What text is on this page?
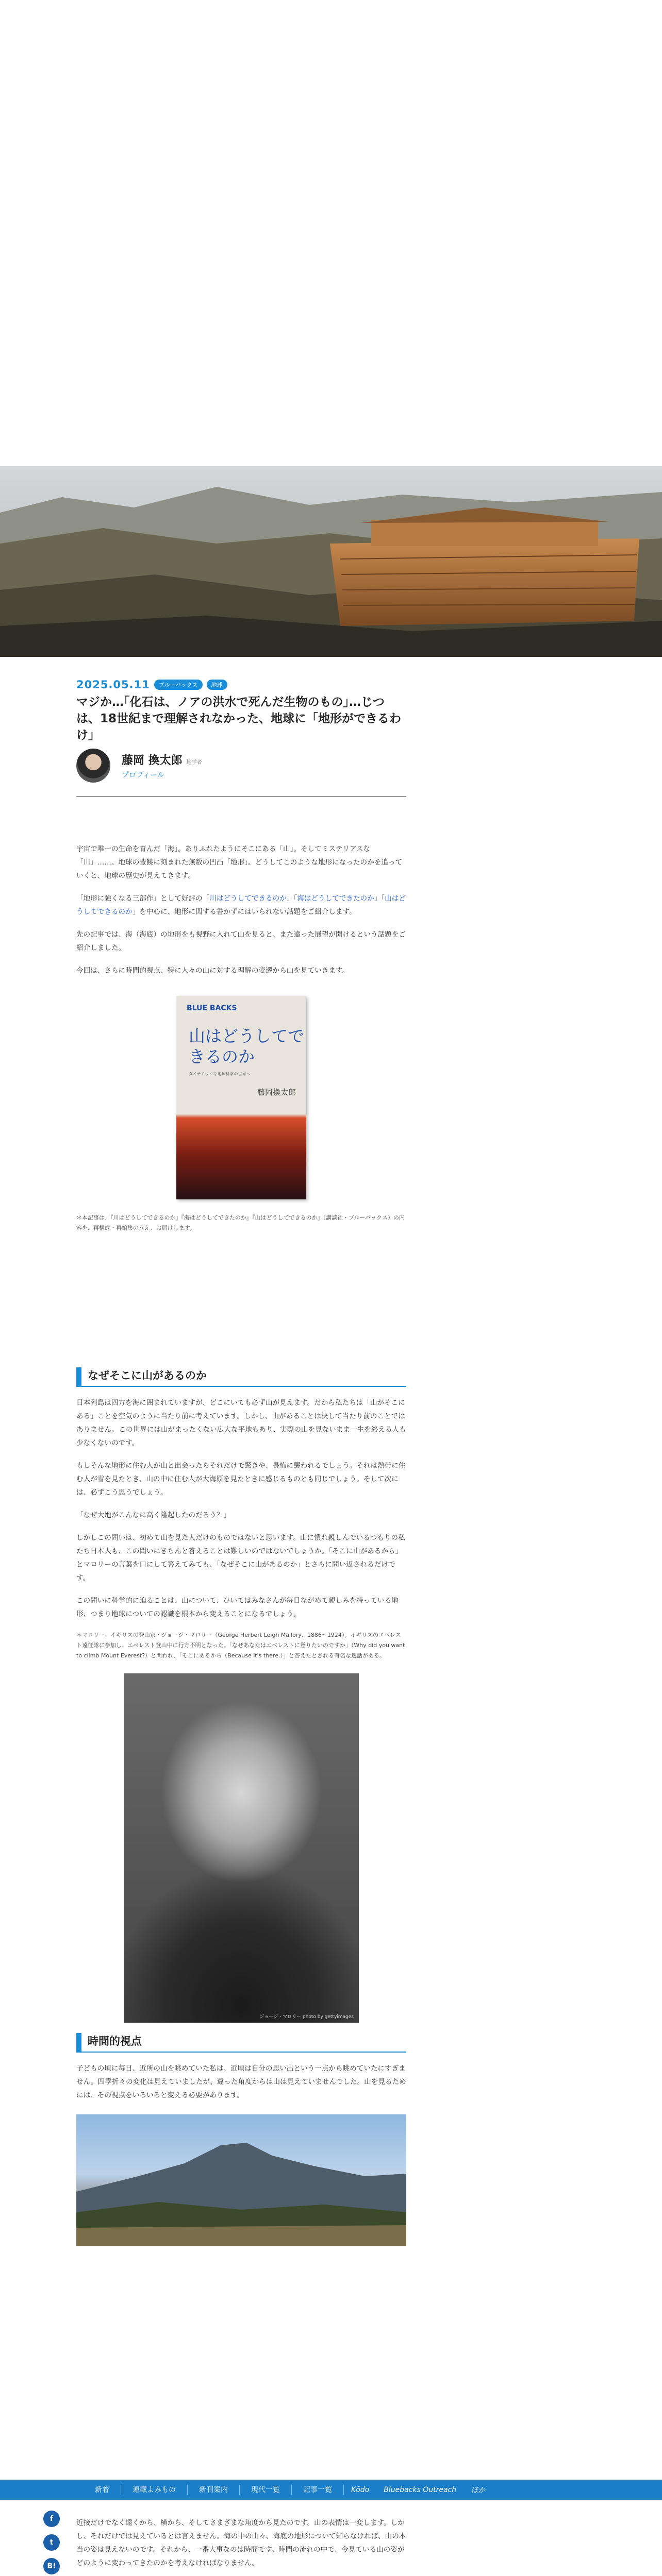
2025.05.11	ブルーバックス	地球
マジか…｢化石は、ノアの洪水で死んだ生物のもの｣…じつは、18世紀まで理解されなかった、地球に「地形ができるわけ」
藤岡 換太郎 地学者
プロフィール

宇宙で唯一の生命を育んだ「海」。ありふれたようにそこにある「山」。そしてミステリアスな「川」……。地球の豊饒に刻まれた無数の凹凸「地形」。どうしてこのような地形になったのかを追っていくと、地球の歴史が見えてきます。

「地形に強くなる三部作」として好評の「川はどうしてできるのか」「海はどうしてできたのか」「山はどうしてできるのか」を中心に、地形に関する書かずにはいられない話題をご紹介します。

先の記事では、海（海底）の地形をも視野に入れて山を見ると、また違った展望が開けるという話題をご紹介しました。

今回は、さらに時間的視点、特に人々の山に対する理解の変遷から山を見ていきます。

BLUE BACKS
山はどうしてできるのか
ダイナミックな地球科学の世界へ
藤岡換太郎

＊本記事は、『川はどうしてできるのか』『海はどうしてできたのか』『山はどうしてできるのか』（講談社・ブルーバックス）の内容を、再構成・再編集のうえ、お届けします。

なぜそこに山があるのか

日本列島は四方を海に囲まれていますが、どこにいても必ず山が見えます。だから私たちは「山がそこにある」ことを空気のように当たり前に考えています。しかし、山があることは決して当たり前のことではありません。この世界には山がまったくない広大な平地もあり、実際の山を見ないまま一生を終える人も少なくないのです。

もしそんな地形に住む人が山と出会ったらそれだけで驚きや、畏怖に襲われるでしょう。それは熱帯に住む人が雪を見たとき、山の中に住む人が大海原を見たときに感じるものとも同じでしょう。そして次には、必ずこう思うでしょう。

「なぜ大地がこんなに高く隆起したのだろう？」

しかしこの問いは、初めて山を見た人だけのものではないと思います。山に慣れ親しんでいるつもりの私たち日本人も、この問いにきちんと答えることは難しいのではないでしょうか。「そこに山があるから」とマロリーの言葉を口にして答えてみても、「なぜそこに山があるのか」とさらに問い返されるだけです。

この問いに科学的に迫ることは、山について、ひいてはみなさんが毎日ながめて親しみを持っている地形、つまり地球についての認識を根本から変えることになるでしょう。

＊マロリー：イギリスの登山家・ジョージ・マロリー（George Herbert Leigh Mallory、1886〜1924）。イギリスのエベレスト遠征隊に参加し、エベレスト登山中に行方不明となった。「なぜあなたはエベレストに登りたいのですか」（Why did you want to climb Mount Everest?）と問われ、「そこにあるから（Because it's there.）」と答えたとされる有名な逸話がある。

ジョージ・マロリー photo by gettyimages
時間的視点

子どもの頃に毎日、近所の山を眺めていた私は、近頃は自分の思い出という一点から眺めていたにすぎません。四季折々の変化は見えていましたが、違った角度からは山は見えていませんでした。山を見るためには、その視点をいろいろと変える必要があります。

新着	連載よみもの	新刊案内	現代一覧	記事一覧	Kōdo	Bluebacks Outreach	ほか
f
t
B!

近接だけでなく遠くから、横から、そしてさまざまな角度から見たのです。山の表情は一変します。しかし、それだけでは見えているとは言えません。海の中の山々、海底の地形について知らなければ、山の本当の姿は見えないのです。それから、一番大事なのは時間です。時間の流れの中で、今見ている山の姿がどのように変わってきたのかを考えなければなりません。
